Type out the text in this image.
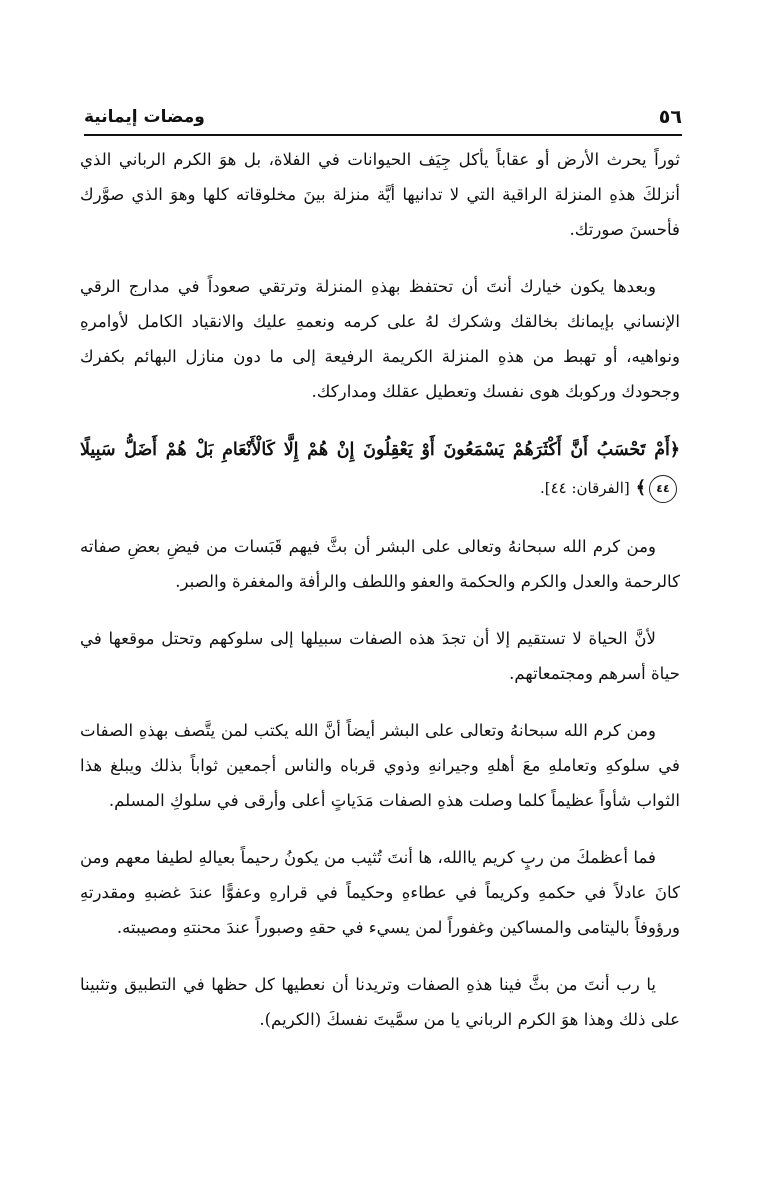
٥٦
ومضات إيمانية

ثوراً يحرث الأرض أو عقاباً يأكل جِيَف الحيوانات في الفلاة، بل هوَ الكرم الرباني الذي أنزلكَ هذهِ المنزلة الراقية التي لا تدانيها أيَّة منزلة بينَ مخلوقاته كلها وهوَ الذي صوَّرك فأحسنَ صورتك.

وبعدها يكون خيارك أنتَ أن تحتفظ بهذهِ المنزلة وترتقي صعوداً في مدارج الرقي الإنساني بإيمانك بخالقك وشكرك لهُ على كرمه ونعمهِ عليك والانقياد الكامل لأوامرهِ ونواهيه، أو تهبط من هذهِ المنزلة الكريمة الرفيعة إلى ما دون منازل البهائم بكفرك وجحودك وركوبك هوى نفسك وتعطيل عقلك ومداركك.

﴿أَمْ تَحْسَبُ أَنَّ أَكْثَرَهُمْ يَسْمَعُونَ أَوْ يَعْقِلُونَ إِنْ هُمْ إِلَّا كَالْأَنْعَامِ بَلْ هُمْ أَضَلُّ سَبِيلًا ٤٤﴾ [الفرقان: ٤٤].

ومن كرم الله سبحانهُ وتعالى على البشر أن بثَّ فيهم قَبَسات من فيضِ بعضِ صفاته كالرحمة والعدل والكرم والحكمة والعفو واللطف والرأفة والمغفرة والصبر.

لأنَّ الحياة لا تستقيم إلا أن تجدَ هذه الصفات سبيلها إلى سلوكهم وتحتل موقعها في حياة أسرهم ومجتمعاتهم.

ومن كرم الله سبحانهُ وتعالى على البشر أيضاً أنَّ الله يكتب لمن يتَّصف بهذهِ الصفات في سلوكهِ وتعاملهِ معَ أهلهِ وجيرانهِ وذوي قرباه والناس أجمعين ثواباً بذلك ويبلغ هذا الثواب شأواً عظيماً كلما وصلت هذهِ الصفات مَدَياتٍ أعلى وأرقى في سلوكِ المسلم.

فما أعظمكَ من ربٍ كريم ياالله، ها أنتَ تُثيب من يكونُ رحيماً بعيالهِ لطيفا معهم ومن كانَ عادلاً في حكمهِ وكريماً في عطاءهِ وحكيماً في قرارهِ وعفوًّا عندَ غضبهِ ومقدرتهِ ورؤوفاً باليتامى والمساكين وغفوراً لمن يسيء في حقهِ وصبوراً عندَ محنتهِ ومصيبته.

يا رب أنتَ من بثَّ فينا هذهِ الصفات وتريدنا أن نعطيها كل حظها في التطبيق وتثبينا على ذلك وهذا هوَ الكرم الرباني يا من سمَّيتَ نفسكَ (الكريم).
